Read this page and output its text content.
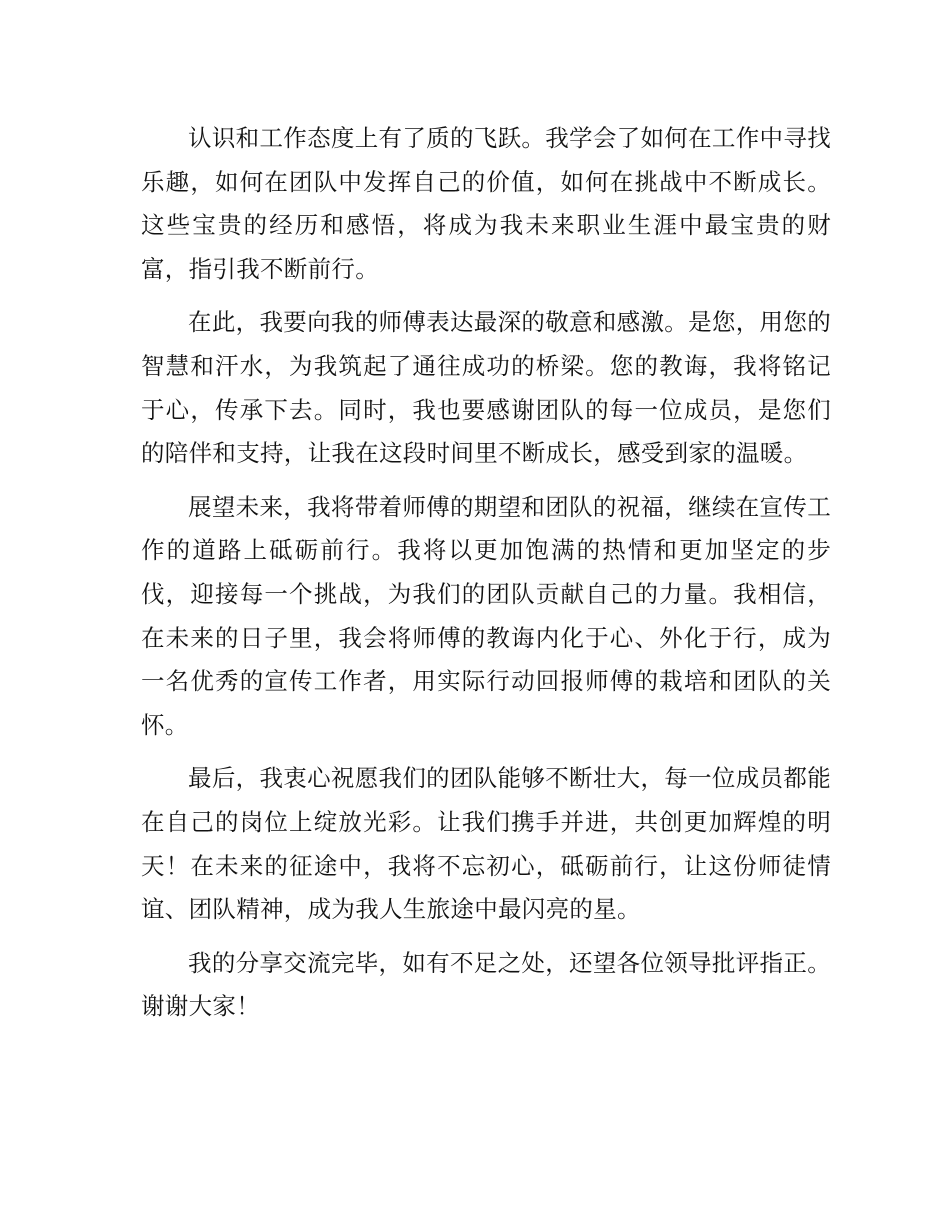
认识和工作态度上有了质的飞跃。我学会了如何在工作中寻找乐趣，如何在团队中发挥自己的价值，如何在挑战中不断成长。这些宝贵的经历和感悟，将成为我未来职业生涯中最宝贵的财富，指引我不断前行。

在此，我要向我的师傅表达最深的敬意和感激。是您，用您的智慧和汗水，为我筑起了通往成功的桥梁。您的教诲，我将铭记于心，传承下去。同时，我也要感谢团队的每一位成员，是您们的陪伴和支持，让我在这段时间里不断成长，感受到家的温暖。

展望未来，我将带着师傅的期望和团队的祝福，继续在宣传工作的道路上砥砺前行。我将以更加饱满的热情和更加坚定的步伐，迎接每一个挑战，为我们的团队贡献自己的力量。我相信，在未来的日子里，我会将师傅的教诲内化于心、外化于行，成为一名优秀的宣传工作者，用实际行动回报师傅的栽培和团队的关怀。

最后，我衷心祝愿我们的团队能够不断壮大，每一位成员都能在自己的岗位上绽放光彩。让我们携手并进，共创更加辉煌的明天！在未来的征途中，我将不忘初心，砥砺前行，让这份师徒情谊、团队精神，成为我人生旅途中最闪亮的星。

我的分享交流完毕，如有不足之处，还望各位领导批评指正。谢谢大家！
